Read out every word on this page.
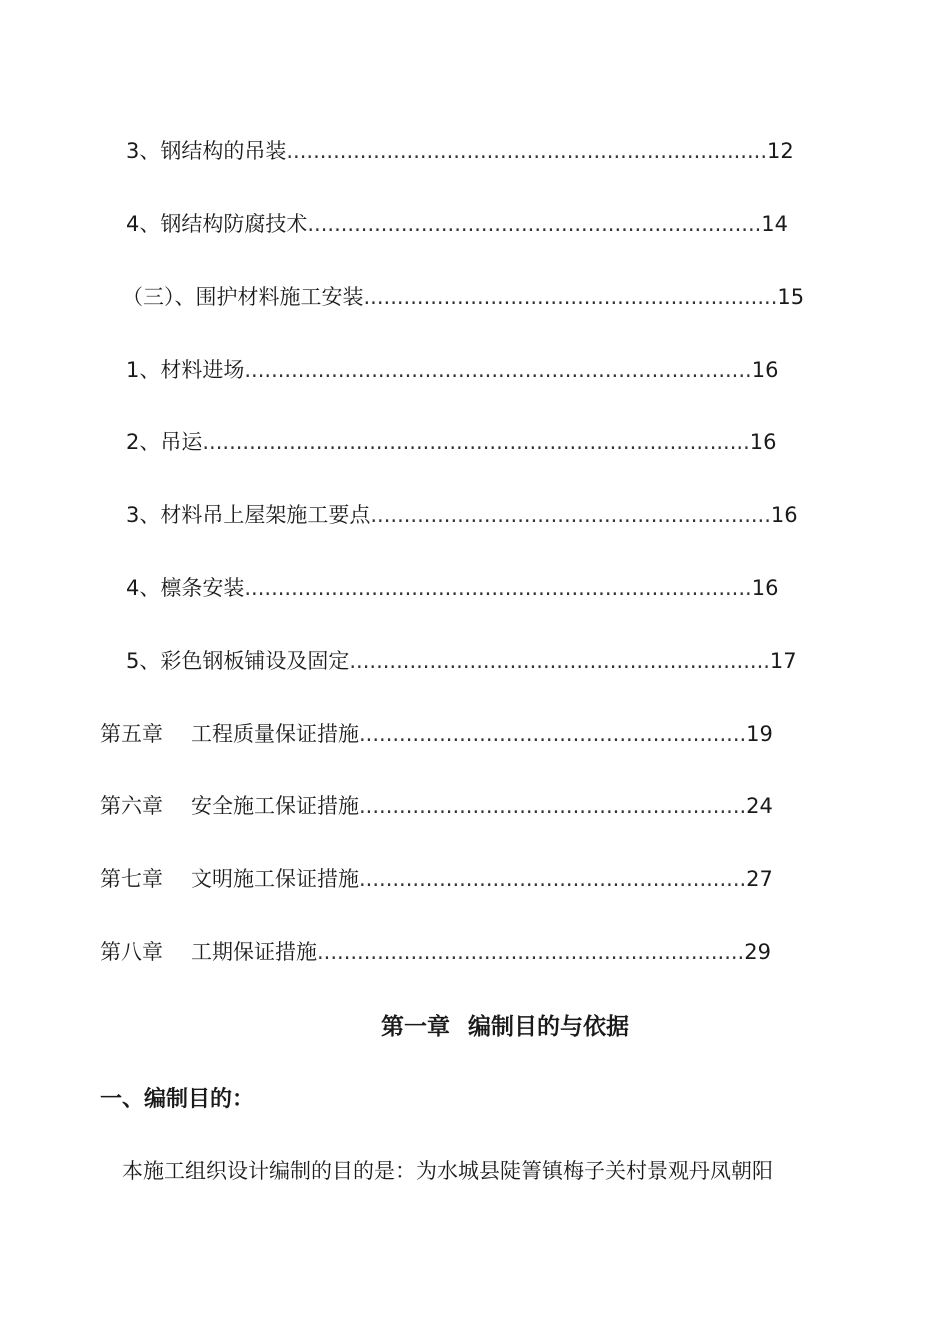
3、钢结构的吊装 ........................................................................ 12
4、钢结构防腐技术 .................................................................... 14
（三）、围护材料施工安装 .............................................................. 15
1、材料进场 ............................................................................ 16
2、吊运 .................................................................................. 16
3、材料吊上屋架施工要点 ............................................................ 16
4、檩条安装 ............................................................................ 16
5、彩色钢板铺设及固定 ............................................................... 17
第五章 工程质量保证措施 .......................................................... 19
第六章 安全施工保证措施 .......................................................... 24
第七章 文明施工保证措施 .......................................................... 27
第八章 工期保证措施 ................................................................ 29
第一章 编制目的与依据
一、编制目的：
本施工组织设计编制的目的是：为水城县陡箐镇梅子关村景观丹凤朝阳
